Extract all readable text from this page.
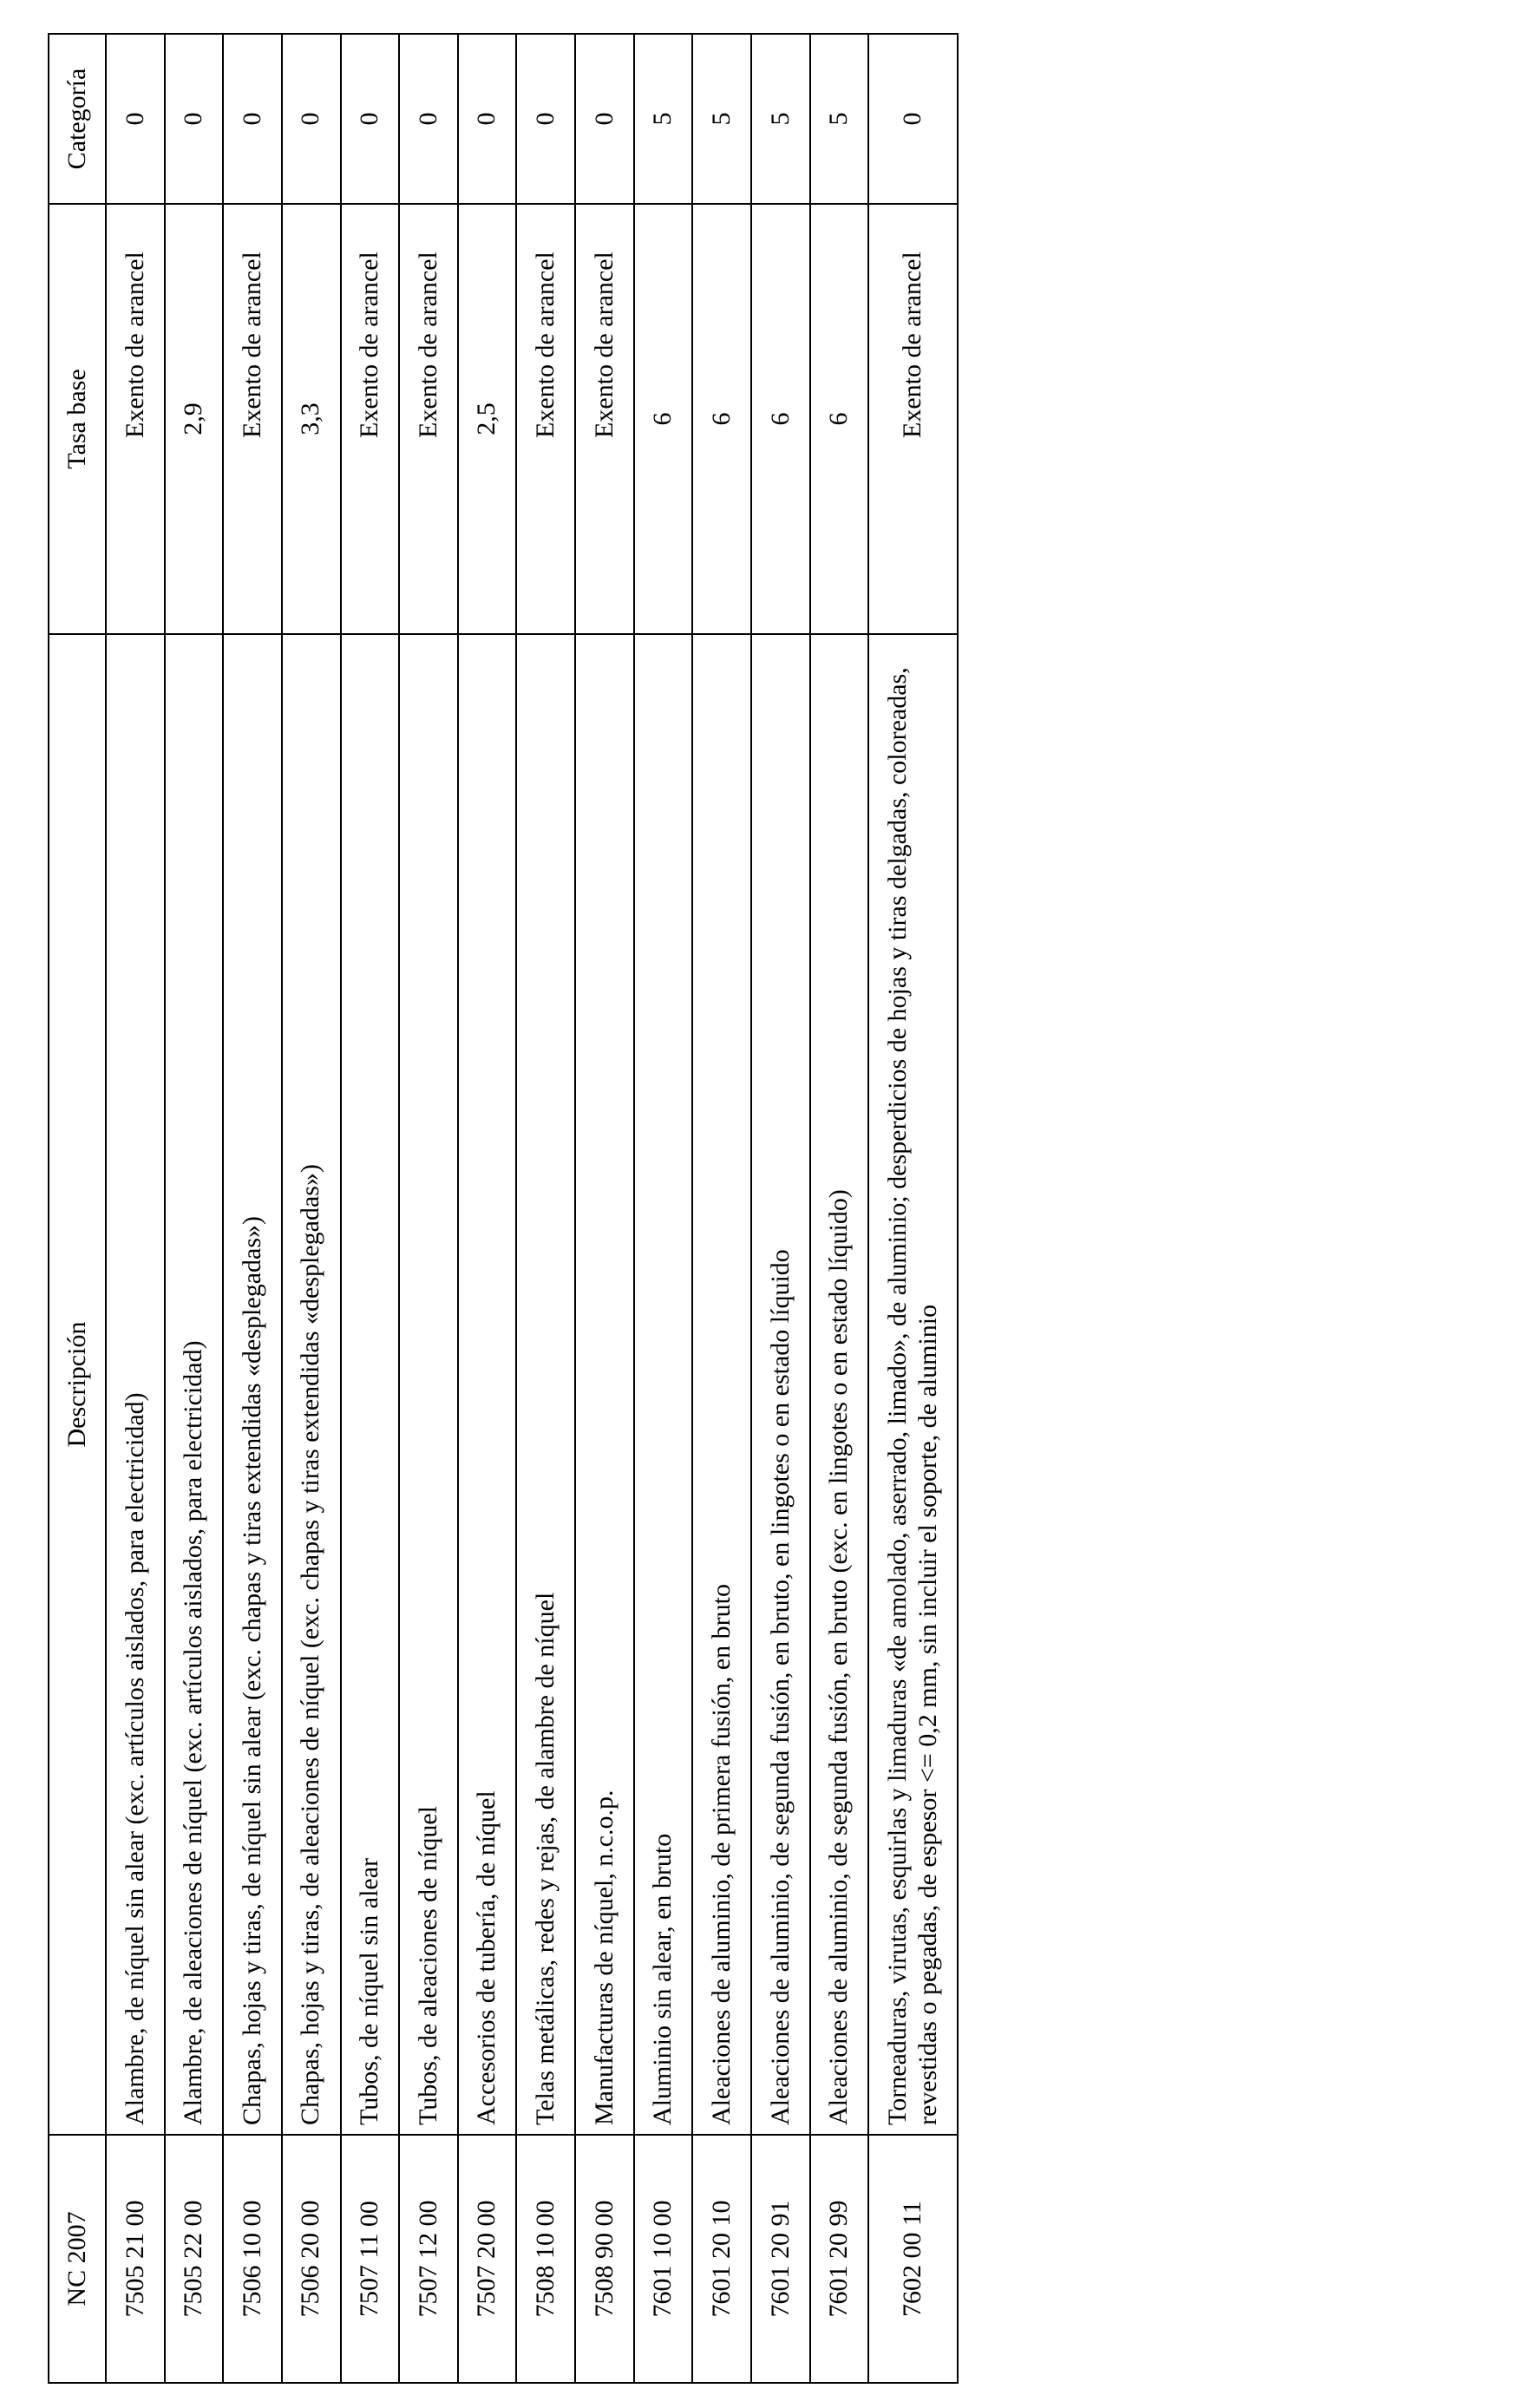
NC 2007	Descripción	Tasa base	Categoría
7505 21 00	Alambre, de níquel sin alear (exc. artículos aislados, para electricidad)	Exento de arancel	0
7505 22 00	Alambre, de aleaciones de níquel (exc. artículos aislados, para electricidad)	2,9	0
7506 10 00	Chapas, hojas y tiras, de níquel sin alear (exc. chapas y tiras extendidas «desplegadas»)	Exento de arancel	0
7506 20 00	Chapas, hojas y tiras, de aleaciones de níquel (exc. chapas y tiras extendidas «desplegadas»)	3,3	0
7507 11 00	Tubos, de níquel sin alear	Exento de arancel	0
7507 12 00	Tubos, de aleaciones de níquel	Exento de arancel	0
7507 20 00	Accesorios de tubería, de níquel	2,5	0
7508 10 00	Telas metálicas, redes y rejas, de alambre de níquel	Exento de arancel	0
7508 90 00	Manufacturas de níquel, n.c.o.p.	Exento de arancel	0
7601 10 00	Aluminio sin alear, en bruto	6	5
7601 20 10	Aleaciones de aluminio, de primera fusión, en bruto	6	5
7601 20 91	Aleaciones de aluminio, de segunda fusión, en bruto, en lingotes o en estado líquido	6	5
7601 20 99	Aleaciones de aluminio, de segunda fusión, en bruto (exc. en lingotes o en estado líquido)	6	5
7602 00 11	Torneaduras, virutas, esquirlas y limaduras «de amolado, aserrado, limado», de aluminio; desperdicios de hojas y tiras delgadas, coloreadas, revestidas o pegadas, de espesor <= 0,2 mm, sin incluir el soporte, de aluminio	Exento de arancel	0
